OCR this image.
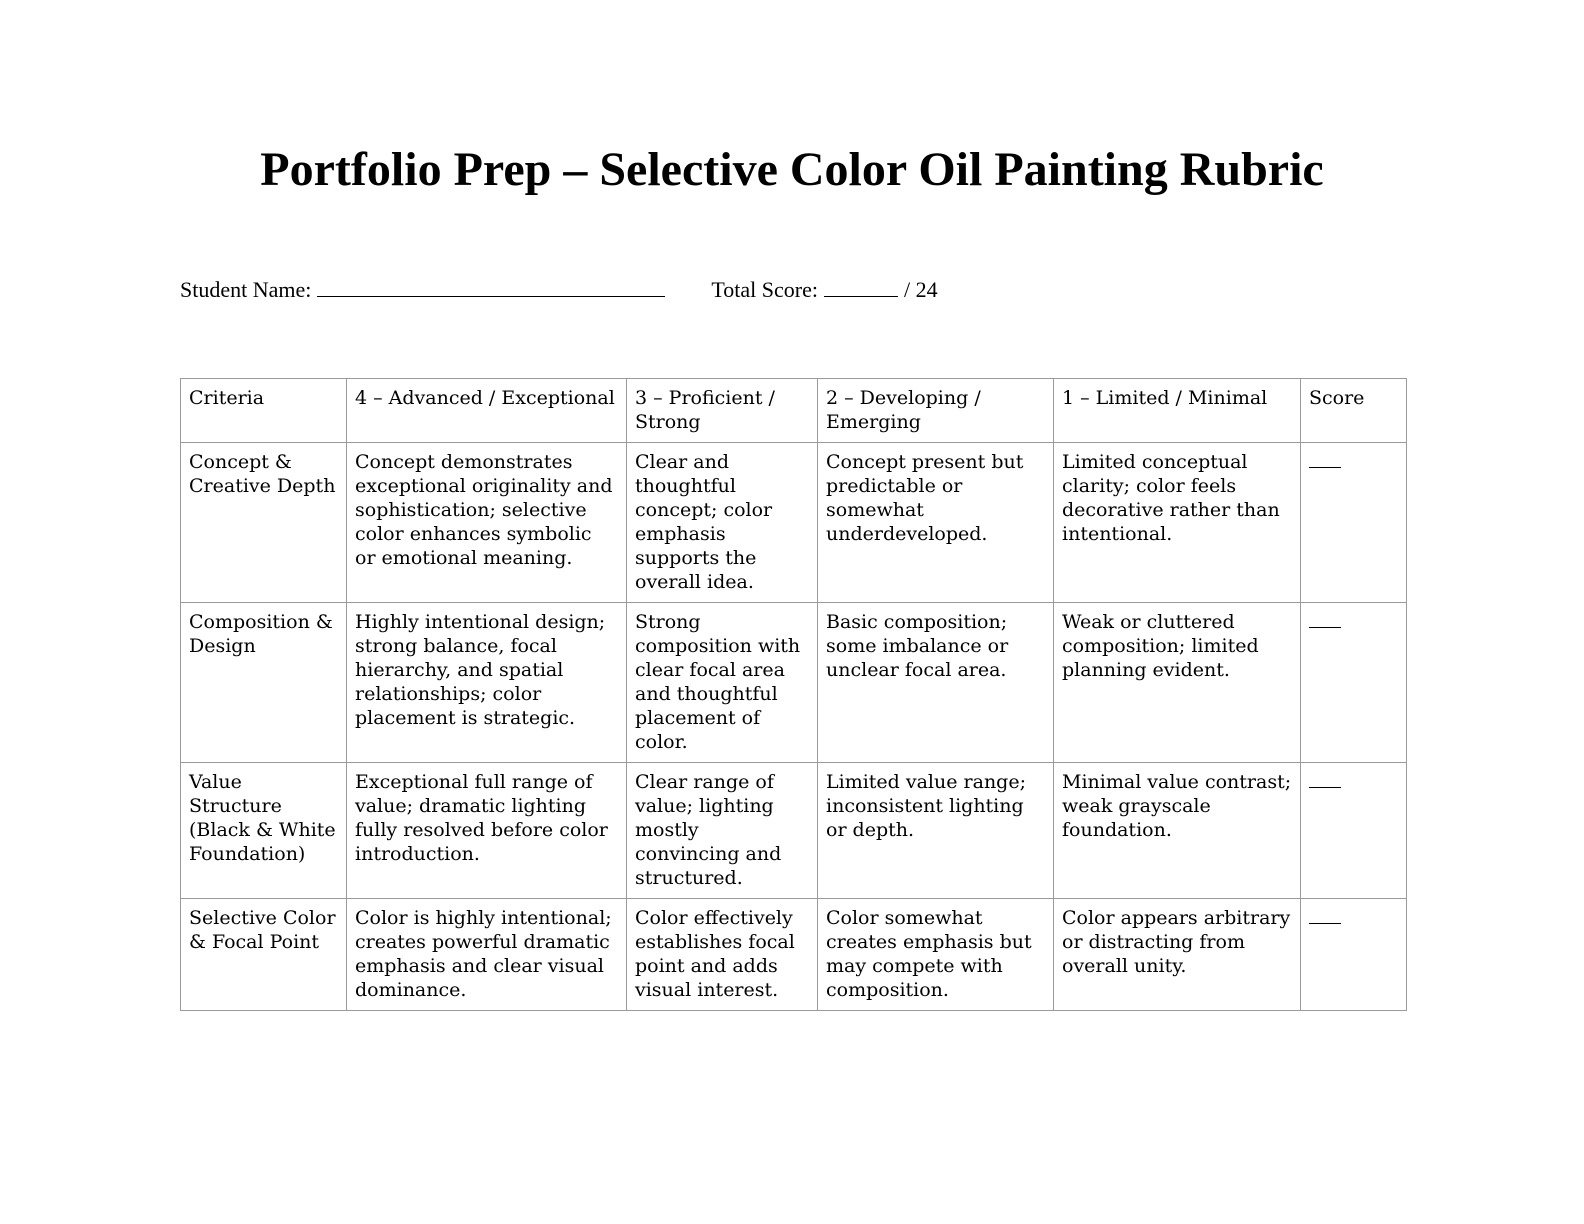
Portfolio Prep – Selective Color Oil Painting Rubric
Student Name:	Total Score:	/ 24
Criteria	4 – Advanced / Exceptional	3 – Proficient / Strong	2 – Developing / Emerging	1 – Limited / Minimal	Score
Concept & Creative Depth	Concept demonstrates exceptional originality and sophistication; selective color enhances symbolic or emotional meaning.	Clear and thoughtful concept; color emphasis supports the overall idea.	Concept present but predictable or somewhat underdeveloped.	Limited conceptual clarity; color feels decorative rather than intentional.	
Composition & Design	Highly intentional design; strong balance, focal hierarchy, and spatial relationships; color placement is strategic.	Strong composition with clear focal area and thoughtful placement of color.	Basic composition; some imbalance or unclear focal area.	Weak or cluttered composition; limited planning evident.	
Value Structure (Black & White Foundation)	Exceptional full range of value; dramatic lighting fully resolved before color introduction.	Clear range of value; lighting mostly convincing and structured.	Limited value range; inconsistent lighting or depth.	Minimal value contrast; weak grayscale foundation.	
Selective Color & Focal Point	Color is highly intentional; creates powerful dramatic emphasis and clear visual dominance.	Color effectively establishes focal point and adds visual interest.	Color somewhat creates emphasis but may compete with composition.	Color appears arbitrary or distracting from overall unity.	
